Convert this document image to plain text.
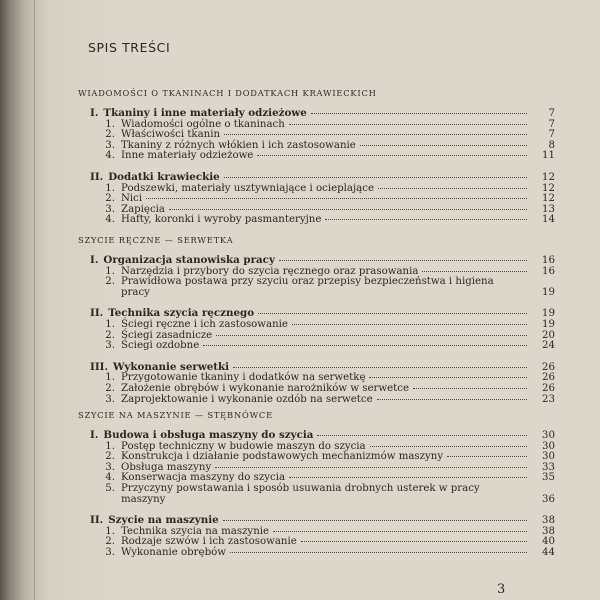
SPIS TREŚCI
WIADOMOŚCI O TKANINACH I DODATKACH KRAWIECKICH
I. Tkaniny i inne materiały odzieżowe	7
1. Wiadomości ogólne o tkaninach	7
2. Właściwości tkanin	7
3. Tkaniny z różnych włókien i ich zastosowanie	8
4. Inne materiały odzieżowe	11
II. Dodatki krawieckie	12
1. Podszewki, materiały usztywniające i ocieplające	12
2. Nici	12
3. Zapięcia	13
4. Hafty, koronki i wyroby pasmanteryjne	14
SZYCIE RĘCZNE — SERWETKA
I. Organizacja stanowiska pracy	16
1. Narzędzia i przybory do szycia ręcznego oraz prasowania	16
2. Prawidłowa postawa przy szyciu oraz przepisy bezpieczeństwa i higiena
pracy	19
II. Technika szycia ręcznego	19
1. Ściegi ręczne i ich zastosowanie	19
2. Ściegi zasadnicze	20
3. Ściegi ozdobne	24
III. Wykonanie serwetki	26
1. Przygotowanie tkaniny i dodatków na serwetkę	26
2. Założenie obrębów i wykonanie narożników w serwetce	26
3. Zaprojektowanie i wykonanie ozdób na serwetce	23
SZYCIE NA MASZYNIE — STĘBNÓWCE
I. Budowa i obsługa maszyny do szycia	30
1. Postęp techniczny w budowie maszyn do szycia	30
2. Konstrukcja i działanie podstawowych mechanizmów maszyny	30
3. Obsługa maszyny	33
4. Konserwacja maszyny do szycia	35
5. Przyczyny powstawania i sposób usuwania drobnych usterek w pracy
maszyny	36
II. Szycie na maszynie	38
1. Technika szycia na maszynie	38
2. Rodzaje szwów i ich zastosowanie	40
3. Wykonanie obrębów	44
3
